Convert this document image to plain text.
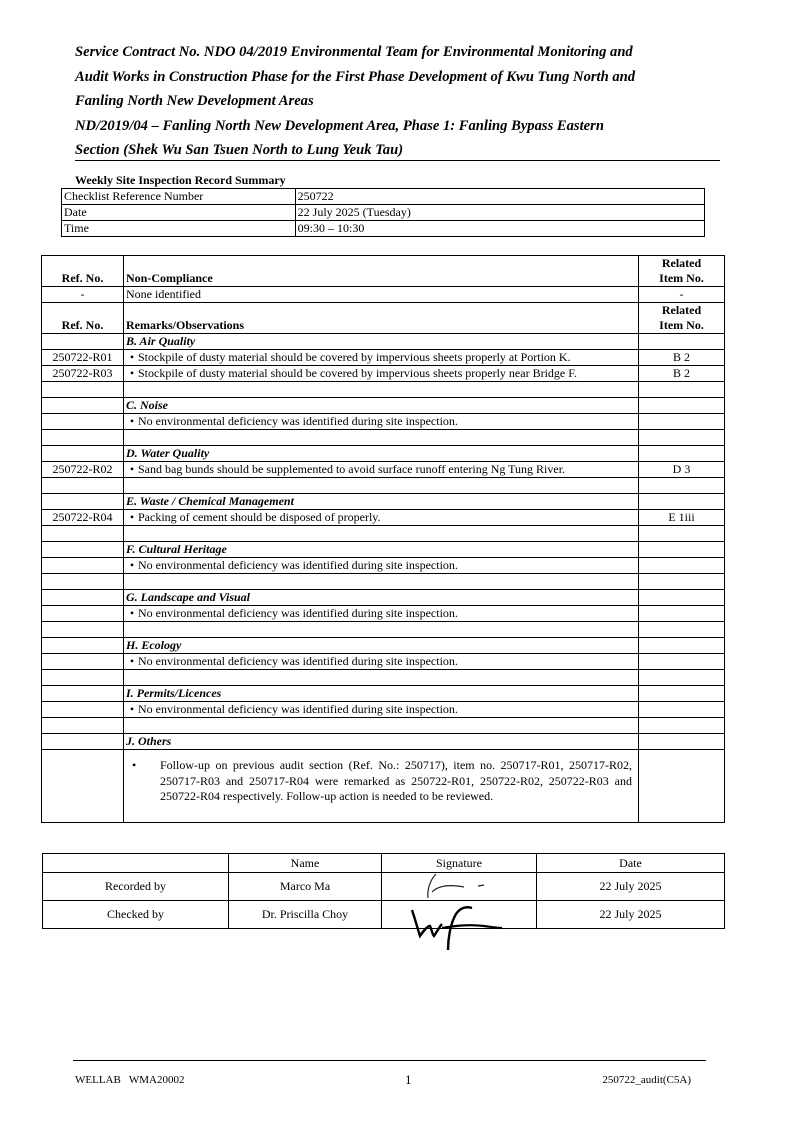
Service Contract No. NDO 04/2019 Environmental Team for Environmental Monitoring and
Audit Works in Construction Phase for the First Phase Development of Kwu Tung North and
Fanling North New Development Areas
ND/2019/04 – Fanling North New Development Area, Phase 1: Fanling Bypass Eastern
Section (Shek Wu San Tsuen North to Lung Yeuk Tau)
Weekly Site Inspection Record Summary
Checklist Reference Number	250722
Date	22 July 2025 (Tuesday)
Time	09:30 – 10:30
Ref. No.	Non-Compliance	Related
Item No.

-	None identified	-
Ref. No.	Remarks/Observations	Related
Item No.

	B. Air Quality	
250722-R01	• Stockpile of dusty material should be covered by impervious sheets properly at Portion K.	B 2
250722-R03	• Stockpile of dusty material should be covered by impervious sheets properly near Bridge F.	B 2

	C. Noise	
	• No environmental deficiency was identified during site inspection.	

	D. Water Quality	
250722-R02	• Sand bag bunds should be supplemented to avoid surface runoff entering Ng Tung River.	D 3

	E. Waste / Chemical Management	
250722-R04	• Packing of cement should be disposed of properly.	E 1iii

	F. Cultural Heritage	
	• No environmental deficiency was identified during site inspection.	

	G. Landscape and Visual	
	• No environmental deficiency was identified during site inspection.	

	H. Ecology	
	• No environmental deficiency was identified during site inspection.	

	I. Permits/Licences	
	• No environmental deficiency was identified during site inspection.	

	J. Others	

	• Follow-up on previous audit section (Ref. No.: 250717), item no. 250717-R01, 250717-R02, 250717-R03 and 250717-R04 were remarked as 250722-R01, 250722-R02, 250722-R03 and 250722-R04 respectively. Follow-up action is needed to be reviewed.	

	Name	Signature	Date
Recorded by	Marco Ma		22 July 2025
Checked by	Dr. Priscilla Choy		22 July 2025
WELLAB   WMA20002	1	250722_audit(C5A)
